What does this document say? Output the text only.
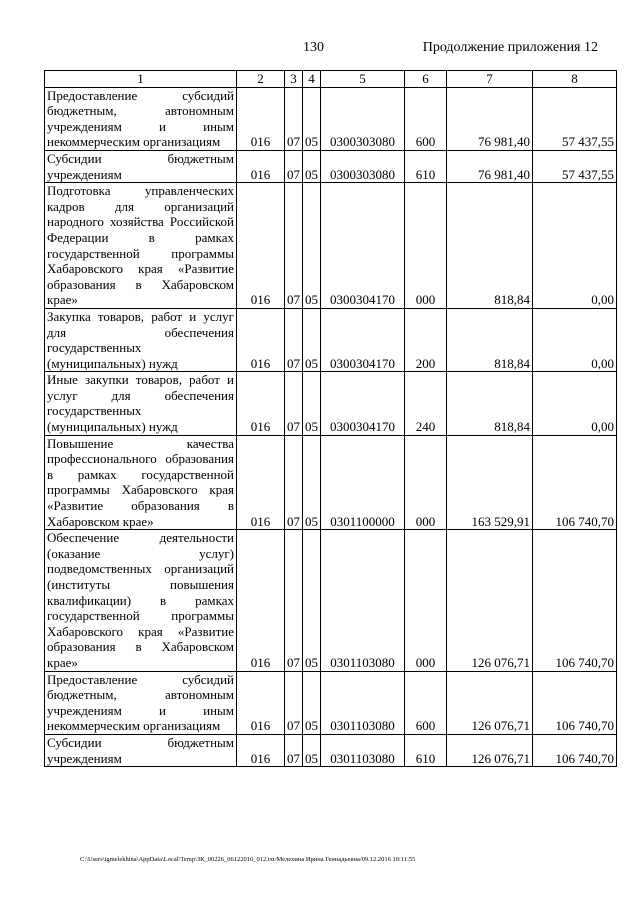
130	Продолжение приложения 12
1	2	3	4	5	6	7	8
Предоставление субсидий бюджетным, автономным учреждениям и иным некоммерческим организациям	016	07	05	0300303080	600	76 981,40	57 437,55
Субсидии бюджетным учреждениям	016	07	05	0300303080	610	76 981,40	57 437,55
Подготовка управленческих кадров для организаций народного хозяйства Российской Федерации в рамках государственной программы Хабаровского края «Развитие образования в Хабаровском крае»	016	07	05	0300304170	000	818,84	0,00
Закупка товаров, работ и услуг для обеспечения государственных (муниципальных) нужд	016	07	05	0300304170	200	818,84	0,00
Иные закупки товаров, работ и услуг для обеспечения государственных (муниципальных) нужд	016	07	05	0300304170	240	818,84	0,00
Повышение качества профессионального образования в рамках государственной программы Хабаровского края «Развитие образования в Хабаровском крае»	016	07	05	0301100000	000	163 529,91	106 740,70
Обеспечение деятельности (оказание услуг) подведомственных организаций (институты повышения квалификации) в рамках государственной программы Хабаровского края «Развитие образования в Хабаровском крае»	016	07	05	0301103080	000	126 076,71	106 740,70
Предоставление субсидий бюджетным, автономным учреждениям и иным некоммерческим организациям	016	07	05	0301103080	600	126 076,71	106 740,70
Субсидии бюджетным учреждениям	016	07	05	0301103080	610	126 076,71	106 740,70
C:\Users\igmelekhina\AppData\Local\Temp\ЗК_00226_06122016_012.txt/Мелехина Ирина Геннадьевна/09.12.2016 10:11:55
